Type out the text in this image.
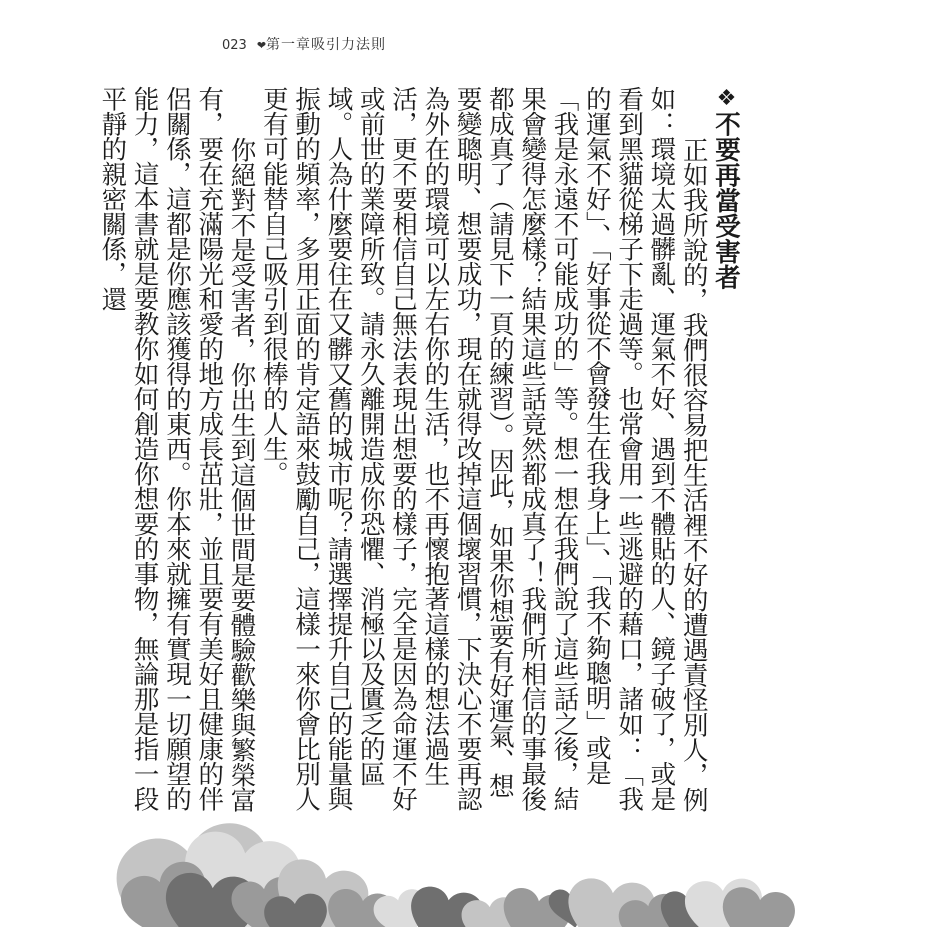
023 ❤第一章吸引力法則

❖不要再當受害者

正如我所說的，我們很容易把生活裡不好的遭遇責怪別人，例如：環境太過髒亂、運氣不好、遇到不體貼的人、鏡子破了，或是看到黑貓從梯子下走過等。也常會用一些逃避的藉口，諸如：「我的運氣不好」、「好事從不會發生在我身上」、「我不夠聰明」或是「我是永遠不可能成功的」等。想一想在我們說了這些話之後，結果會變得怎麼樣？結果這些話竟然都成真了！我們所相信的事最後都成真了（請見下一頁的練習）。因此，如果你想要有好運氣、想要變聰明、想要成功，現在就得改掉這個壞習慣，下決心不要再認為外在的環境可以左右你的生活，也不再懷抱著這樣的想法過生活，更不要相信自己無法表現出想要的樣子，完全是因為命運不好或前世的業障所致。請永久離開造成你恐懼、消極以及匱乏的區域。人為什麼要住在又髒又舊的城市呢？請選擇提升自己的能量與振動的頻率，多用正面的肯定語來鼓勵自己，這樣一來你會比別人更有可能替自己吸引到很棒的人生。

你絕對不是受害者，你出生到這個世間是要體驗歡樂與繁榮富有，要在充滿陽光和愛的地方成長茁壯，並且要有美好且健康的伴侶關係，這都是你應該獲得的東西。你本來就擁有實現一切願望的能力，這本書就是要教你如何創造你想要的事物，無論那是指一段平靜的親密關係，還
